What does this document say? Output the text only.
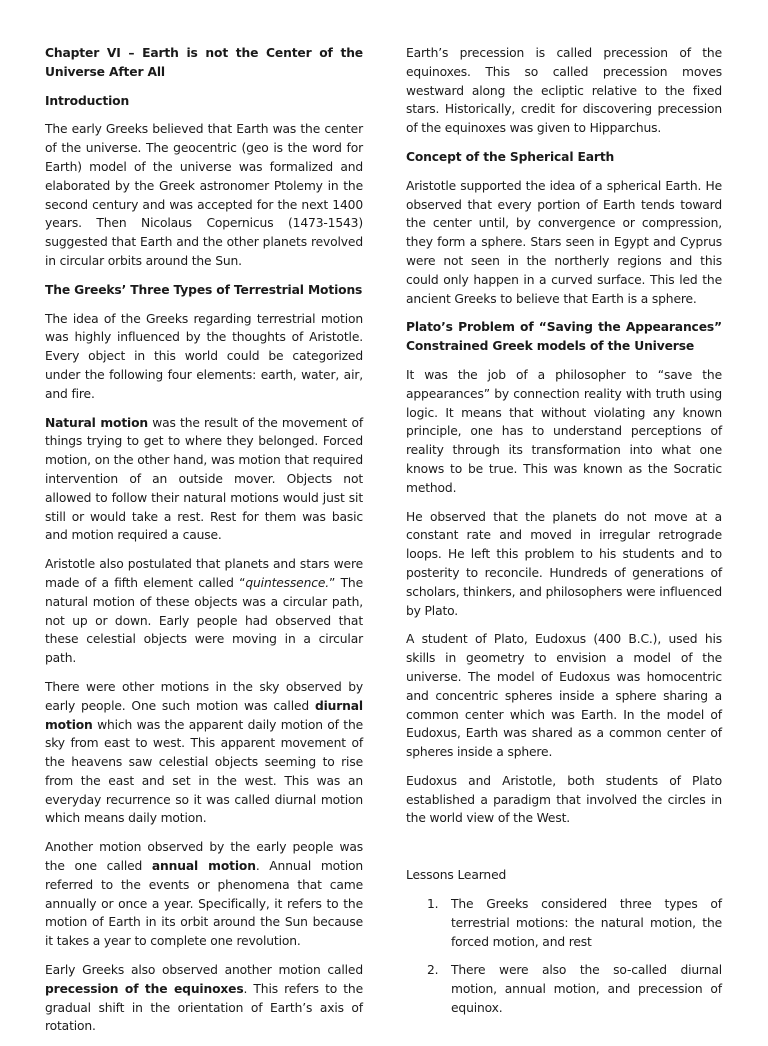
Chapter VI – Earth is not the Center of the Universe After All
Introduction

The early Greeks believed that Earth was the center of the universe. The geocentric (geo is the word for Earth) model of the universe was formalized and elaborated by the Greek astronomer Ptolemy in the second century and was accepted for the next 1400 years. Then Nicolaus Copernicus (1473-1543) suggested that Earth and the other planets revolved in circular orbits around the Sun.

The Greeks’ Three Types of Terrestrial Motions

The idea of the Greeks regarding terrestrial motion was highly influenced by the thoughts of Aristotle. Every object in this world could be categorized under the following four elements: earth, water, air, and fire.

Natural motion was the result of the movement of things trying to get to where they belonged. Forced motion, on the other hand, was motion that required intervention of an outside mover. Objects not allowed to follow their natural motions would just sit still or would take a rest. Rest for them was basic and motion required a cause.

Aristotle also postulated that planets and stars were made of a fifth element called “quintessence.” The natural motion of these objects was a circular path, not up or down. Early people had observed that these celestial objects were moving in a circular path.

There were other motions in the sky observed by early people. One such motion was called diurnal motion which was the apparent daily motion of the sky from east to west. This apparent movement of the heavens saw celestial objects seeming to rise from the east and set in the west. This was an everyday recurrence so it was called diurnal motion which means daily motion.

Another motion observed by the early people was the one called annual motion. Annual motion referred to the events or phenomena that came annually or once a year. Specifically, it refers to the motion of Earth in its orbit around the Sun because it takes a year to complete one revolution.

Early Greeks also observed another motion called precession of the equinoxes. This refers to the gradual shift in the orientation of Earth’s axis of rotation.

Earth’s precession is called precession of the equinoxes. This so called precession moves westward along the ecliptic relative to the fixed stars. Historically, credit for discovering precession of the equinoxes was given to Hipparchus.

Concept of the Spherical Earth

Aristotle supported the idea of a spherical Earth. He observed that every portion of Earth tends toward the center until, by convergence or compression, they form a sphere. Stars seen in Egypt and Cyprus were not seen in the northerly regions and this could only happen in a curved surface. This led the ancient Greeks to believe that Earth is a sphere.

Plato’s Problem of “Saving the Appearances” Constrained Greek models of the Universe

It was the job of a philosopher to “save the appearances” by connection reality with truth using logic. It means that without violating any known principle, one has to understand perceptions of reality through its transformation into what one knows to be true. This was known as the Socratic method.

He observed that the planets do not move at a constant rate and moved in irregular retrograde loops. He left this problem to his students and to posterity to reconcile. Hundreds of generations of scholars, thinkers, and philosophers were influenced by Plato.

A student of Plato, Eudoxus (400 B.C.), used his skills in geometry to envision a model of the universe. The model of Eudoxus was homocentric and concentric spheres inside a sphere sharing a common center which was Earth. In the model of Eudoxus, Earth was shared as a common center of spheres inside a sphere.

Eudoxus and Aristotle, both students of Plato established a paradigm that involved the circles in the world view of the West.

Lessons Learned
1. The Greeks considered three types of terrestrial motions: the natural motion, the forced motion, and rest
2. There were also the so-called diurnal motion, annual motion, and precession of equinox.
